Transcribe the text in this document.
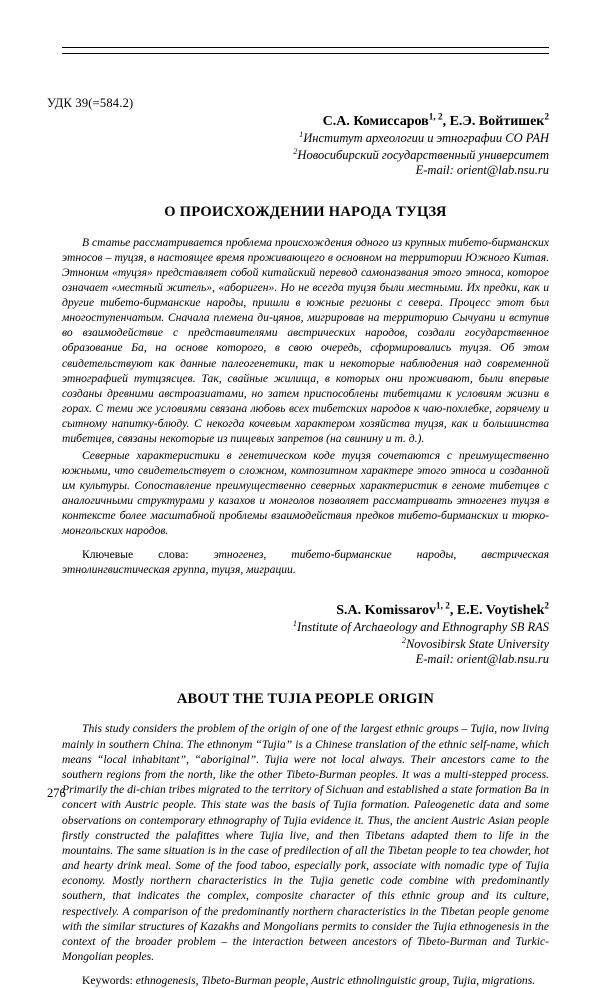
УДК 39(=584.2)
С.А. Комиссаров$^{1, 2}$, Е.Э. Войтишек$^2$
$^1$Институт археологии и этнографии СО РАН
$^2$Новосибирский государственный университет
E-mail: orient@lab.nsu.ru
О ПРОИСХОЖДЕНИИ НАРОДА ТУЦЗЯ
В статье рассматривается проблема происхождения одного из крупных тибето-бирманских этносов – туцзя, в настоящее время проживающего в основном на территории Южного Китая. Этноним «туцзя» представляет собой китайский перевод самоназвания этого этноса, которое означает «местный житель», «абориген». Но не всегда туцзя были местными. Их предки, как и другие тибето-бирманские народы, пришли в южные регионы с севера. Процесс этот был многоступенчатым. Сначала племена ди-цянов, мигрировав на территорию Сычуани и вступив во взаимодействие с представителями австрических народов, создали государственное образование Ба, на основе которого, в свою очередь, сформировались туцзя. Об этом свидетельствуют как данные палеогенетики, так и некоторые наблюдения над современной этнографией тутцзясцев. Так, свайные жилища, в которых они проживают, были впервые созданы древними австроазиатами, но затем приспособлены тибетцами к условиям жизни в горах. С теми же условиями связана любовь всех тибетских народов к чаю-похлебке, горячему и сытному напитку-блюду. С некогда кочевым характером хозяйства туцзя, как и большинства тибетцев, связаны некоторые из пищевых запретов (на свинину и т. д.).
Северные характеристики в генетическом коде туцзя сочетаются с преимущественно южными, что свидетельствует о сложном, композитном характере этого этноса и созданной им культуры. Сопоставление преимущественно северных характеристик в геноме тибетцев с аналогичными структурами у казахов и монголов позволяет рассматривать этногенез туцзя в контексте более масштабной проблемы взаимодействия предков тибето-бирманских и тюрко-монгольских народов.
Ключевые слова: этногенез, тибето-бирманские народы, австрическая этнолингвистическая группа, туцзя, миграции.
S.A. Komissarov$^{1, 2}$, E.E. Voytishek$^2$
$^1$Institute of Archaeology and Ethnography SB RAS
$^2$Novosibirsk State University
E-mail: orient@lab.nsu.ru
ABOUT THE TUJIA PEOPLE ORIGIN
This study considers the problem of the origin of one of the largest ethnic groups – Tujia, now living mainly in southern China. The ethnonym “Tujia” is a Chinese translation of the ethnic self-name, which means “local inhabitant”, “aboriginal”. Tujia were not local always. Their ancestors came to the southern regions from the north, like the other Tibeto-Burman peoples. It was a multi-stepped process. Primarily the di-chian tribes migrated to the territory of Sichuan and established a state formation Ba in concert with Austric people. This state was the basis of Tujia formation. Paleogenetic data and some observations on contemporary ethnography of Tujia evidence it. Thus, the ancient Austric Asian people firstly constructed the palafittes where Tujia live, and then Tibetans adapted them to life in the mountains. The same situation is in the case of predilection of all the Tibetan people to tea chowder, hot and hearty drink meal. Some of the food taboo, especially pork, associate with nomadic type of Tujia economy. Mostly northern characteristics in the Tujia genetic code combine with predominantly southern, that indicates the complex, composite character of this ethnic group and its culture, respectively. A comparison of the predominantly northern characteristics in the Tibetan people genome with the similar structures of Kazakhs and Mongolians permits to consider the Tujia ethnogenesis in the context of the broader problem – the interaction between ancestors of Tibeto-Burman and Turkic-Mongolian peoples.
Keywords: ethnogenesis, Tibeto-Burman people, Austric ethnolinguistic group, Tujia, migrations.
276
